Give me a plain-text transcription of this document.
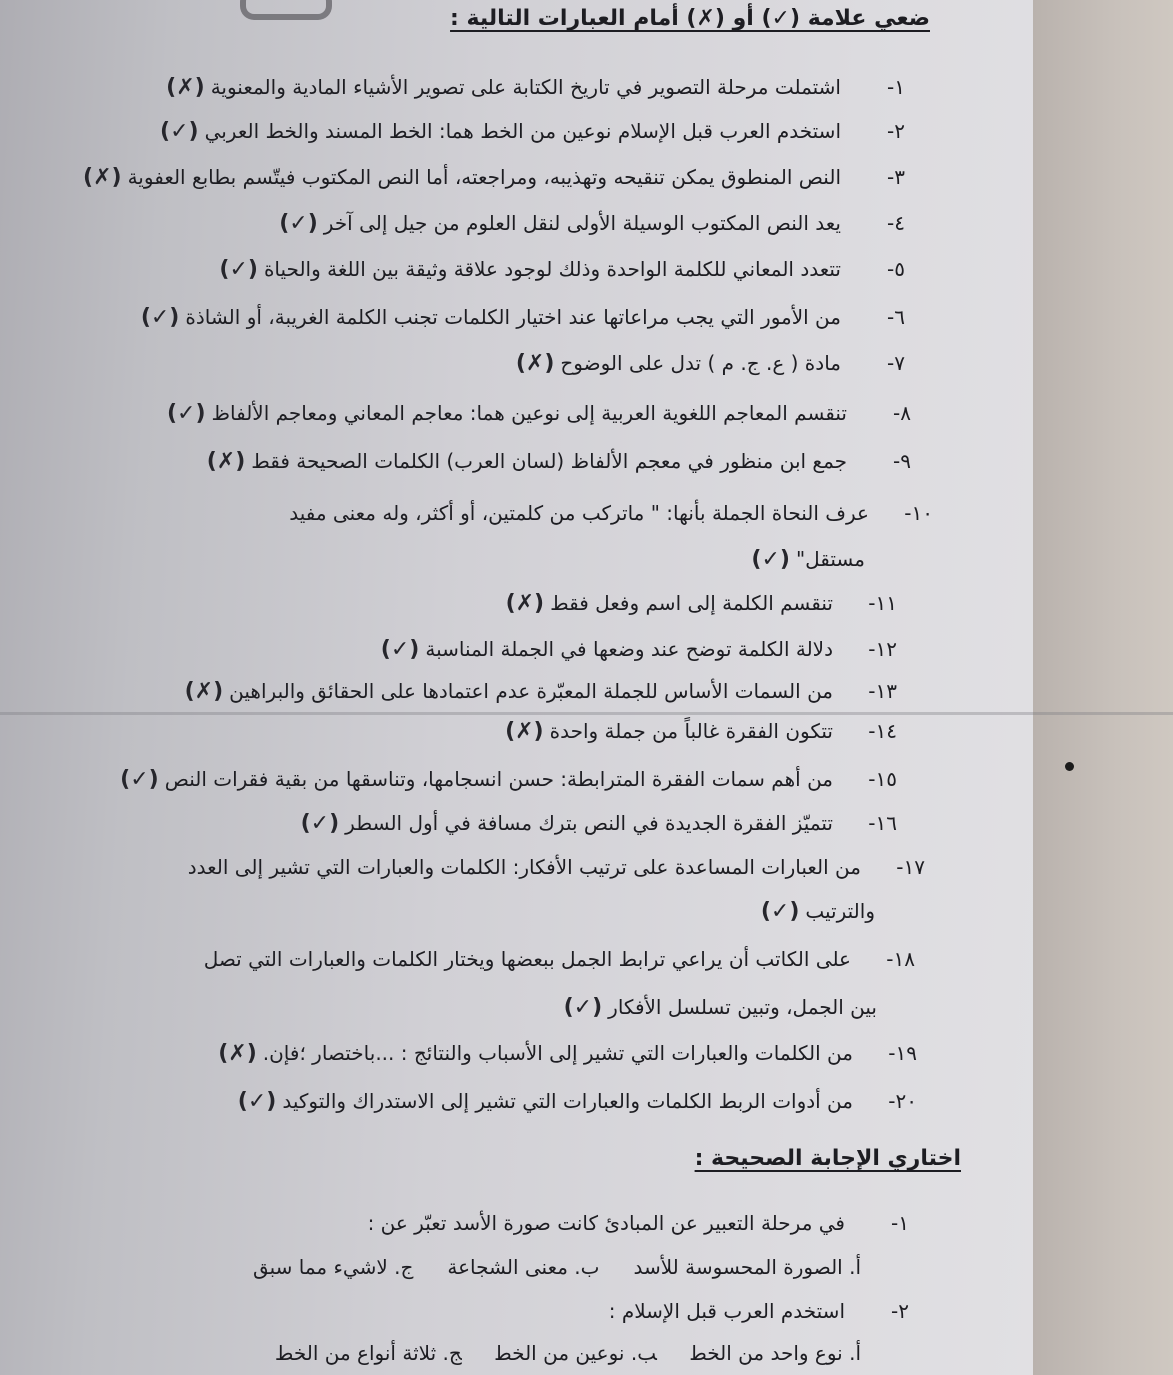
ضعي علامة (✓) أو (✗) أمام العبارات التالية :
١-اشتملت مرحلة التصوير في تاريخ الكتابة على تصوير الأشياء المادية والمعنوية(✗)
٢-استخدم العرب قبل الإسلام نوعين من الخط هما: الخط المسند والخط العربي(✓)
٣-النص المنطوق يمكن تنقيحه وتهذيبه، ومراجعته، أما النص المكتوب فيتّسم بطابع العفوية(✗)
٤-يعد النص المكتوب الوسيلة الأولى لنقل العلوم من جيل إلى آخر(✓)
٥-تتعدد المعاني للكلمة الواحدة وذلك لوجود علاقة وثيقة بين اللغة والحياة(✓)
٦-من الأمور التي يجب مراعاتها عند اختيار الكلمات تجنب الكلمة الغريبة، أو الشاذة(✓)
٧-مادة ( ع. ج. م ) تدل على الوضوح(✗)
٨-تنقسم المعاجم اللغوية العربية إلى نوعين هما: معاجم المعاني ومعاجم الألفاظ(✓)
٩-جمع ابن منظور في معجم الألفاظ (لسان العرب) الكلمات الصحيحة فقط(✗)
١٠-عرف النحاة الجملة بأنها: " ماتركب من كلمتين، أو أكثر، وله معنى مفيد
مستقل"(✓)
١١-تنقسم الكلمة إلى اسم وفعل فقط(✗)
١٢-دلالة الكلمة توضح عند وضعها في الجملة المناسبة(✓)
١٣-من السمات الأساس للجملة المعبّرة عدم اعتمادها على الحقائق والبراهين(✗)
١٤-تتكون الفقرة غالباً من جملة واحدة(✗)
١٥-من أهم سمات الفقرة المترابطة: حسن انسجامها، وتناسقها من بقية فقرات النص(✓)
١٦-تتميّز الفقرة الجديدة في النص بترك مسافة في أول السطر(✓)
١٧-من العبارات المساعدة على ترتيب الأفكار: الكلمات والعبارات التي تشير إلى العدد
والترتيب(✓)
١٨-على الكاتب أن يراعي ترابط الجمل ببعضها ويختار الكلمات والعبارات التي تصل
بين الجمل، وتبين تسلسل الأفكار(✓)
١٩-من الكلمات والعبارات التي تشير إلى الأسباب والنتائج : ...باختصار ؛فإن.(✗)
٢٠-من أدوات الربط الكلمات والعبارات التي تشير إلى الاستدراك والتوكيد(✓)
اختاري الإجابة الصحيحة :
١-في مرحلة التعبير عن المبادئ كانت صورة الأسد تعبّر عن :
أ. الصورة المحسوسة للأسدب. معنى الشجاعةج. لاشيء مما سبق
٢-استخدم العرب قبل الإسلام :
أ. نوع واحد من الخطب. نوعين من الخطج. ثلاثة أنواع من الخط
